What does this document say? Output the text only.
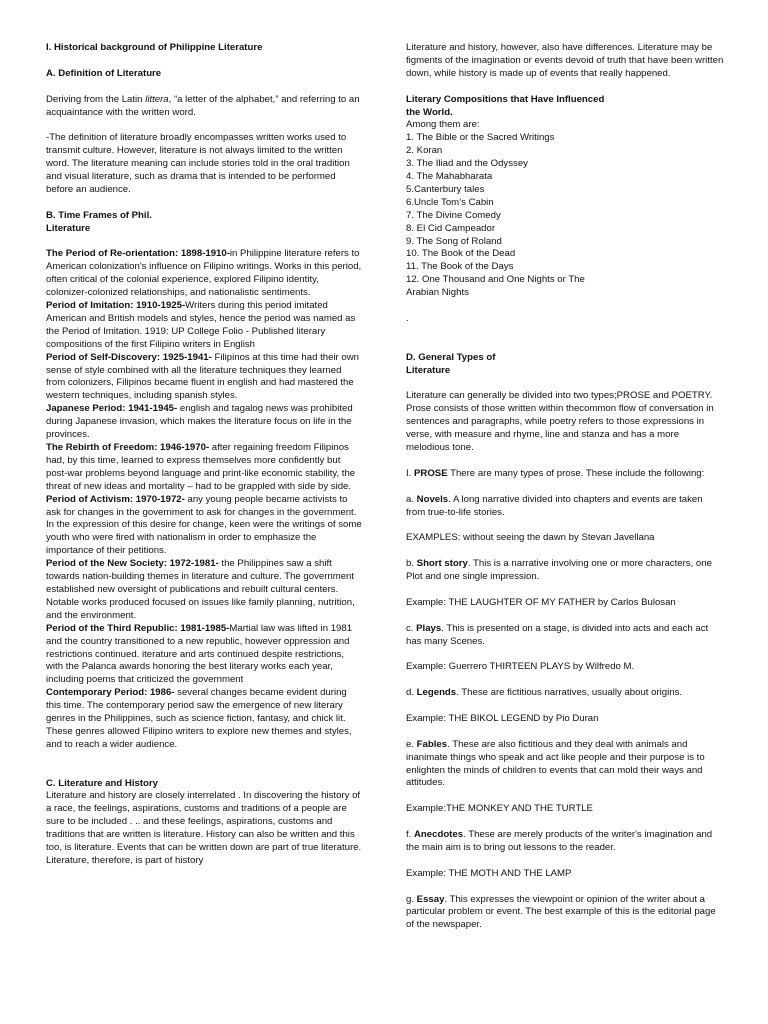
I. Historical background of Philippine Literature

A. Definition of Literature

Deriving from the Latin littera, “a letter of the alphabet,” and referring to an acquaintance with the written word.

-The definition of literature broadly encompasses written works used to transmit culture. However, literature is not always limited to the written word. The literature meaning can include stories told in the oral tradition and visual literature, such as drama that is intended to be performed before an audience.

B. Time Frames of Phil.
Literature

The Period of Re-orientation: 1898-1910-in Philippine literature refers to American colonization's influence on Filipino writings. Works in this period, often critical of the colonial experience, explored Filipino identity, colonizer-colonized relationships, and nationalistic sentiments.

Period of Imitation: 1910-1925-Writers during this period imitated American and British models and styles, hence the period was named as the Period of Imitation. 1919: UP College Folio - Published literary compositions of the first Filipino writers in English

Period of Self-Discovery: 1925-1941- Filipinos at this time had their own sense of style combined with all the literature techniques they learned from colonizers, Filipinos became fluent in english and had mastered the western techniques, including spanish styles.

Japanese Period: 1941-1945- english and tagalog news was prohibited during Japanese invasion, which makes the literature focus on life in the provinces.

The Rebirth of Freedom: 1946-1970- after regaining freedom Filipinos had, by this time, learned to express themselves more confidently but post-war problems beyond language and print-like economic stability, the threat of new ideas and mortality – had to be grappled with side by side.

Period of Activism: 1970-1972- any young people became activists to ask for changes in the government to ask for changes in the government. In the expression of this desire for change, keen were the writings of some youth who were fired with nationalism in order to emphasize the importance of their petitions.

Period of the New Society: 1972-1981- the Philippines saw a shift towards nation-building themes in literature and culture. The government established new oversight of publications and rebuilt cultural centers. Notable works produced focused on issues like family planning, nutrition, and the environment.

Period of the Third Republic: 1981-1985-Martial law was lifted in 1981 and the country transitioned to a new republic, however oppression and restrictions continued. iterature and arts continued despite restrictions, with the Palanca awards honoring the best literary works each year, including poems that criticized the government

Contemporary Period: 1986- several changes became evident during this time. The contemporary period saw the emergence of new literary genres in the Philippines, such as science fiction, fantasy, and chick lit. These genres allowed Filipino writers to explore new themes and styles, and to reach a wider audience.

C. Literature and History

Literature and history are closely interrelated . In discovering the history of a race, the feelings, aspirations, customs and traditions of a people are sure to be included . .. and these feelings, aspirations, customs and traditions that are written is literature. History can also be written and this too, is literature. Events that can be written down are part of true literature. Literature, therefore, is part of history

Literature and history, however, also have differences. Literature may be figments of the imagination or events devoid of truth that have been written down, while history is made up of events that really happened.

Literary Compositions that Have Influenced
the World.

Among them are:

1. The Bible or the Sacred Writings
2. Koran
3. The Iliad and the Odyssey
4. The Mahabharata
5.Canterbury tales
6.Uncle Tom’s Cabin
7. The Divine Comedy
8. El Cid Campeador
9. The Song of Roland
10. The Book of the Dead
11. The Book of the Days
12. One Thousand and One Nights or The
Arabian Nights

.

D. General Types of
Literature

Literature can generally be divided into two types;PROSE and POETRY. Prose consists of those written within thecommon flow of conversation in sentences and paragraphs, while poetry refers to those expressions in verse, with measure and rhyme, line and stanza and has a more melodious tone.

I. PROSE There are many types of prose. These include the following:

a. Novels. A long narrative divided into chapters and events are taken from true-to-life stories.

EXAMPLES: without seeing the dawn by Stevan Javellana

b. Short story. This is a narrative involving one or more characters, one Plot and one single impression.

Example: THE LAUGHTER OF MY FATHER by Carlos Bulosan

c. Plays. This is presented on a stage, is divided into acts and each act has many Scenes.

Example: Guerrero THIRTEEN PLAYS by Wilfredo M.

d. Legends. These are fictitious narratives, usually about origins.

Example: THE BIKOL LEGEND by Pio Duran

e. Fables. These are also fictitious and they deal with animals and inanimate things who speak and act like people and their purpose is to enlighten the minds of children to events that can mold their ways and attitudes.

Example:THE MONKEY AND THE TURTLE

f. Anecdotes. These are merely products of the writer's imagination and the main aim is to bring out lessons to the reader.

Example: THE MOTH AND THE LAMP

g. Essay. This expresses the viewpoint or opinion of the writer about a particular problem or event. The best example of this is the editorial page of the newspaper.
